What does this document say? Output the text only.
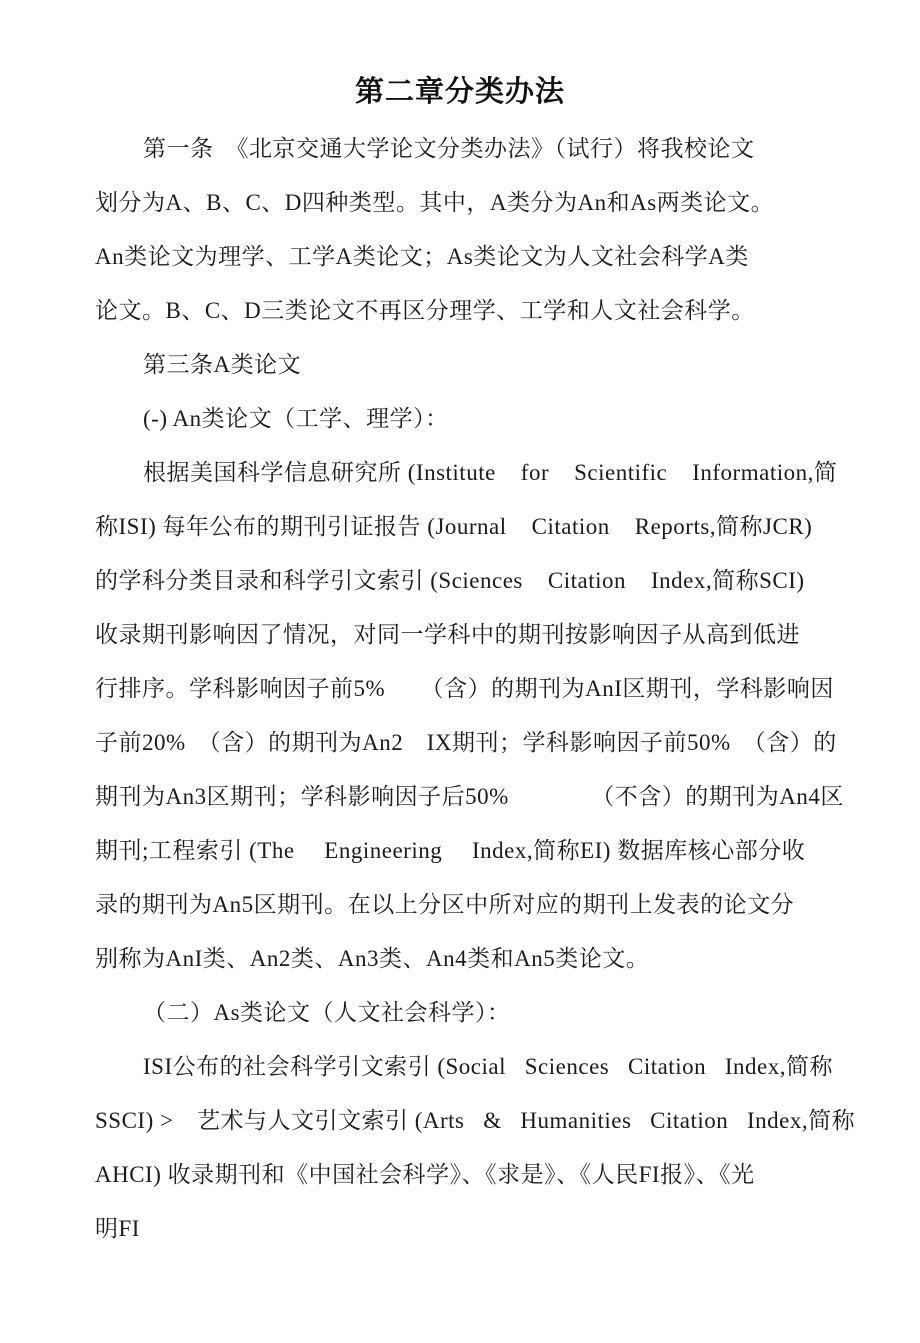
第二章分类办法
第一条　《北京交通大学论文分类办法》（试行）将我校论文
划分为A、B、C、D四种类型。其中，A类分为An和As两类论文。
An类论文为理学、工学A类论文；As类论文为人文社会科学A类
论文。B、C、D三类论文不再区分理学、工学和人文社会科学。
第三条A类论文
(-) An类论文（工学、理学）：
根据美国科学信息研究所 (Institute    for    Scientific    Information,简
称ISI) 每年公布的期刊引证报告 (Journal    Citation    Reports,简称JCR)
的学科分类目录和科学引文索引 (Sciences    Citation    Index,简称SCI)
收录期刊影响因了情况，对同一学科中的期刊按影响因子从高到低进
行排序。学科影响因子前5%　　（含）的期刊为AnI区期刊，学科影响因
子前20%　（含）的期刊为An2　IX期刊；学科影响因子前50%　（含）的
期刊为An3区期刊；学科影响因子后50%　　　　（不含）的期刊为An4区
期刊;工程索引 (The　 Engineering　 Index,简称EI) 数据库核心部分收
录的期刊为An5区期刊。在以上分区中所对应的期刊上发表的论文分
别称为AnI类、An2类、An3类、An4类和An5类论文。
（二）As类论文（人文社会科学）：
ISI公布的社会科学引文索引 (Social   Sciences   Citation   Index,简称
SSCI) >　艺术与人文引文索引 (Arts   &   Humanities   Citation   Index,简称
AHCI) 收录期刊和《中国社会科学》、《求是》、《人民FI报》、《光
明FI
